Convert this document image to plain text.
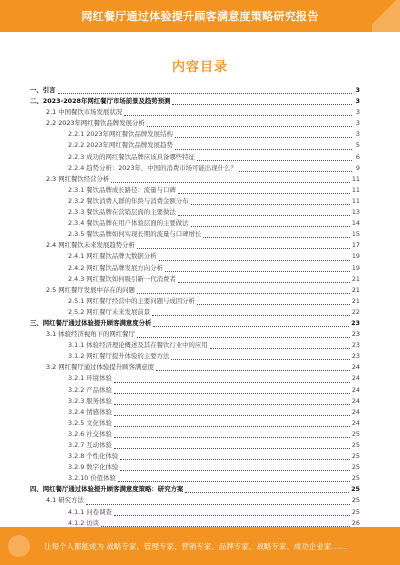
网红餐厅通过体验提升顾客满意度策略研究报告
内容目录
一、引言	3
二、2023-2028年网红餐厅市场前景及趋势预测	3
2.1 中国餐饮市场发展状况	3
2.2 2023年网红餐饮品牌发展分析	3
2.2.1 2023年网红餐饮品牌发展结构	3
2.2.2 2023年网红餐饮品牌发展趋势	5
2.2.3 成功的网红餐饮品牌应该具备哪些特征	6
2.2.4 趋势分析：2023年，中国的消费市场可能出现什么？	9
2.3 网红餐饮经营分析	11
2.3.1 餐饮品牌成长路径：流量与口碑	11
2.3.2 餐饮消费人群的年龄与消费金额分布	11
2.3.3 餐饮品牌在营销层面的主要做法	13
2.3.4 餐饮品牌在用户体验层面的主要做法	14
2.3.5 餐饮品牌如何实现长期的流量与口碑增长	15
2.4 网红餐饮未来发展趋势分析	17
2.4.1 网红餐饮品牌大数据分析	19
2.4.2 网红餐饮品牌发展方向分析	19
2.4.3 网红餐饮如何吸引新一代消费者	21
2.5 网红餐厅发展中存在的问题	21
2.5.1 网红餐厅经营中的主要问题与成因分析	21
2.5.2 网红餐厅未来发展前景	22
三、网红餐厅通过体验提升顾客满意度分析	23
3.1 体验经济视角下的网红餐厅	23
3.1.1 体验经济理论概述及其在餐饮行业中的应用	23
3.1.2 网红餐厅提升体验的主要方法	23
3.2 网红餐厅通过体验提升顾客满意度	24
3.2.1 环境体验	24
3.2.2 产品体验	24
3.2.3 服务体验	24
3.2.4 情感体验	24
3.2.5 文化体验	24
3.2.6 社交体验	25
3.2.7 互动体验	25
3.2.8 个性化体验	25
3.2.9 数字化体验	25
3.2.10 价值体验	25
四、网红餐厅通过体验提升顾客满意度策略：研究方案	25
4.1 研究方法	25
4.1.1 问卷调查	25
4.1.2 访谈	26
让每个人都能成为 战略专家、管理专家、营销专家、品牌专家、战略专家、成功企业家……
